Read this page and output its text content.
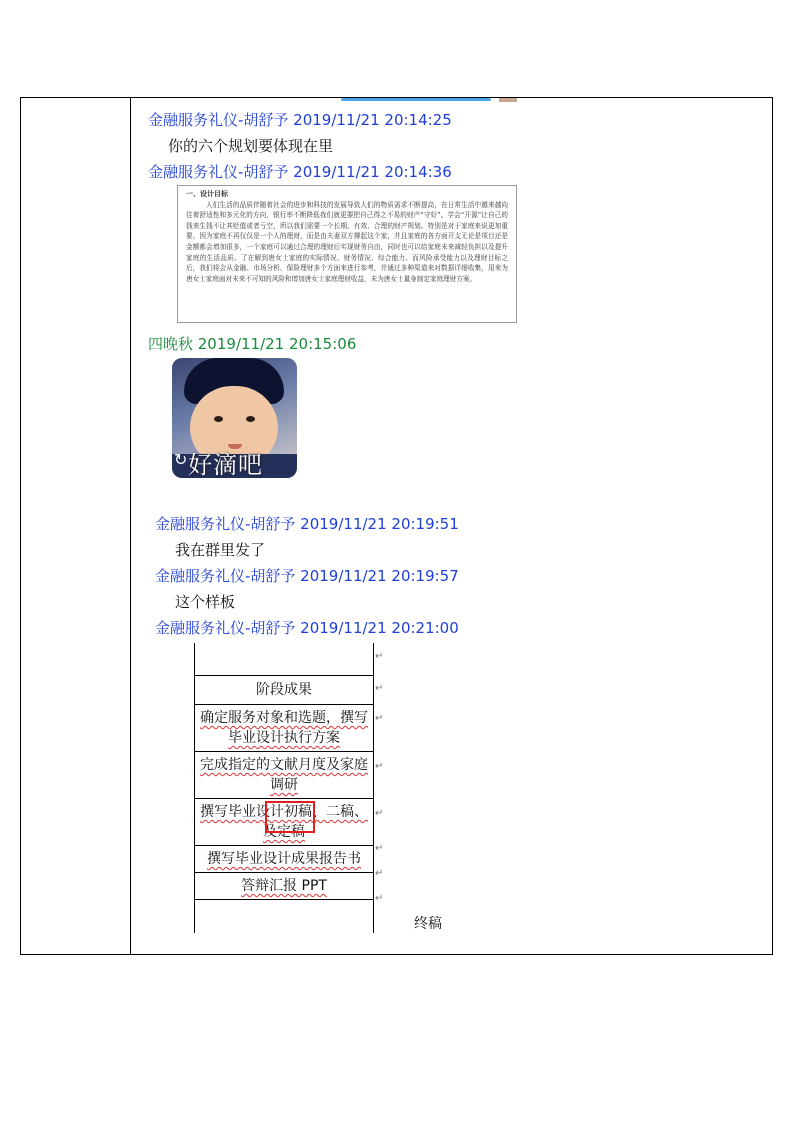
金融服务礼仪-胡舒予 2019/11/21 20:14:25
你的六个规划要体现在里
金融服务礼仪-胡舒予 2019/11/21 20:14:36
一、设计目标
人们生活的品质伴随着社会的进步和科技的发展导致人们的物质需求不断提高，在日常生活中越来越向往着舒适性和多元化的方向，银行率不断降低我们就更要把自己得之不易的财产“守好”。学会“开源”让自己的钱来生钱不让其贬值或者亏空，所以我们需要一个长期、有效、合理的财产规划。特别是对于家庭来说更加重要，因为家庭不再仅仅是一个人的理财，而是由夫妻双方撑起这个家，并且家庭的各方面开支无论是项目还是金额都会增加很多，一个家庭可以通过合理的理财后实现财务自由，同时也可以给家庭未来减轻负担以及提升家庭的生活品质。了在解到唐女士家庭的实际情况、财务情况、综合能力、而风险承受能力以及理财目标之后，我们将会从金融、市场分析、保险理财多个方面来进行参考，并通过多种渠道来对数据详细收集，用来为唐女士家庭面对未来不可知的风险和增加唐女士家庭理财收益，未为唐女士量身制定家庭理财方案。
四晚秋 2019/11/21 20:15:06
↻ 好滴吧
金融服务礼仪-胡舒予 2019/11/21 20:19:51
我在群里发了
金融服务礼仪-胡舒予 2019/11/21 20:19:57
这个样板
金融服务礼仪-胡舒予 2019/11/21 20:21:00
阶段成果
确定服务对象和选题，撰写毕业设计执行方案
完成指定的文献月度及家庭调研
撰写毕业设计初稿、二稿、及定稿
撰写毕业设计成果报告书
答辩汇报 PPT
↵
↵
↵
↵
↵
↵
↵
↵
终稿
